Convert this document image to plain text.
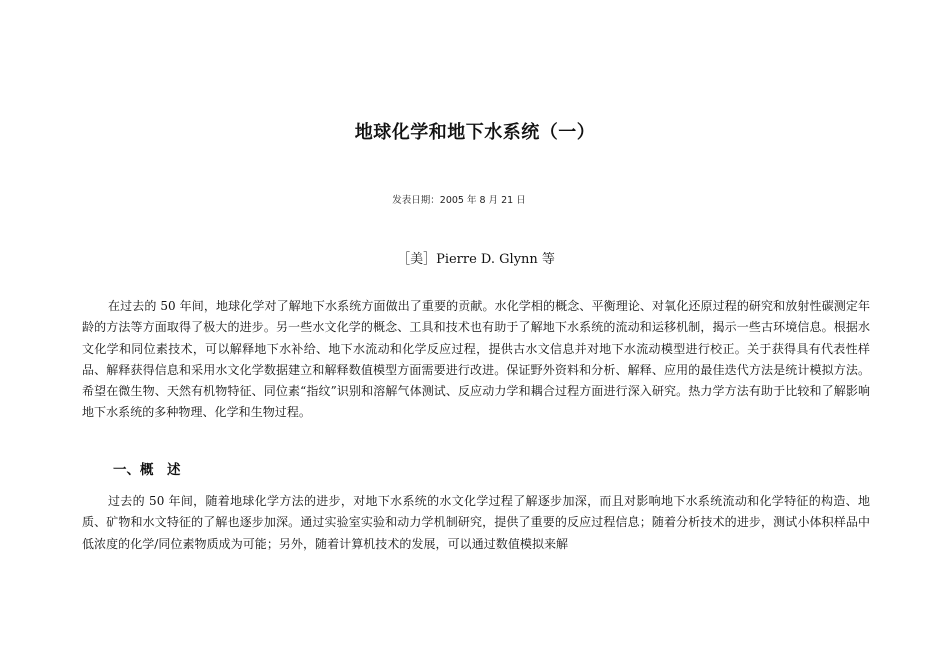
地球化学和地下水系统（一）
发表日期：2005 年 8 月 21 日
［美］Pierre D. Glynn 等

在过去的 50 年间，地球化学对了解地下水系统方面做出了重要的贡献。水化学相的概念、平衡理论、对氧化还原过程的研究和放射性碳测定年龄的方法等方面取得了极大的进步。另一些水文化学的概念、工具和技术也有助于了解地下水系统的流动和运移机制，揭示一些古环境信息。根据水文化学和同位素技术，可以解释地下水补给、地下水流动和化学反应过程，提供古水文信息并对地下水流动模型进行校正。关于获得具有代表性样品、解释获得信息和采用水文化学数据建立和解释数值模型方面需要进行改进。保证野外资料和分析、解释、应用的最佳迭代方法是统计模拟方法。希望在微生物、天然有机物特征、同位素“指纹”识别和溶解气体测试、反应动力学和耦合过程方面进行深入研究。热力学方法有助于比较和了解影响地下水系统的多种物理、化学和生物过程。

一、概　述

过去的 50 年间，随着地球化学方法的进步，对地下水系统的水文化学过程了解逐步加深，而且对影响地下水系统流动和化学特征的构造、地质、矿物和水文特征的了解也逐步加深。通过实验室实验和动力学机制研究，提供了重要的反应过程信息；随着分析技术的进步，测试小体积样品中低浓度的化学/同位素物质成为可能；另外，随着计算机技术的发展，可以通过数值模拟来解
